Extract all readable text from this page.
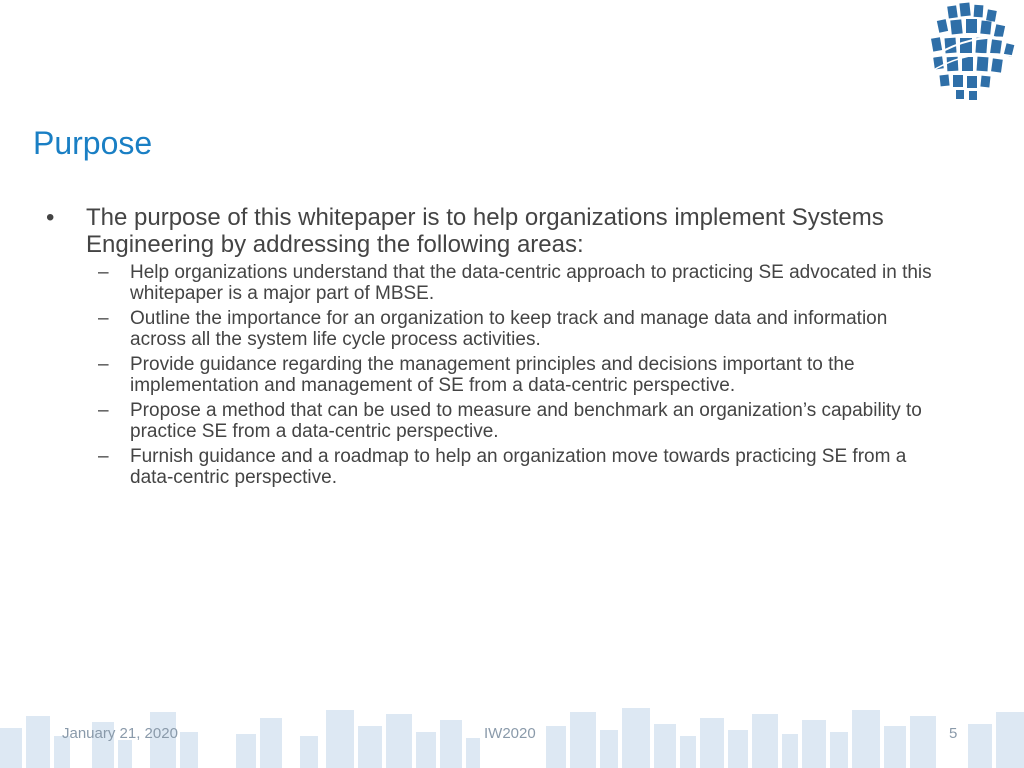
Purpose
• The purpose of this whitepaper is to help organizations implement Systems Engineering by addressing the following areas:
– Help organizations understand that the data-centric approach to practicing SE advocated in this whitepaper is a major part of MBSE.
– Outline the importance for an organization to keep track and manage data and information across all the system life cycle process activities.
– Provide guidance regarding the management principles and decisions important to the implementation and management of SE from a data-centric perspective.
– Propose a method that can be used to measure and benchmark an organization’s capability to practice SE from a data-centric perspective.
– Furnish guidance and a roadmap to help an organization move towards practicing SE from a data-centric perspective.
January 21, 2020	IW2020	5
